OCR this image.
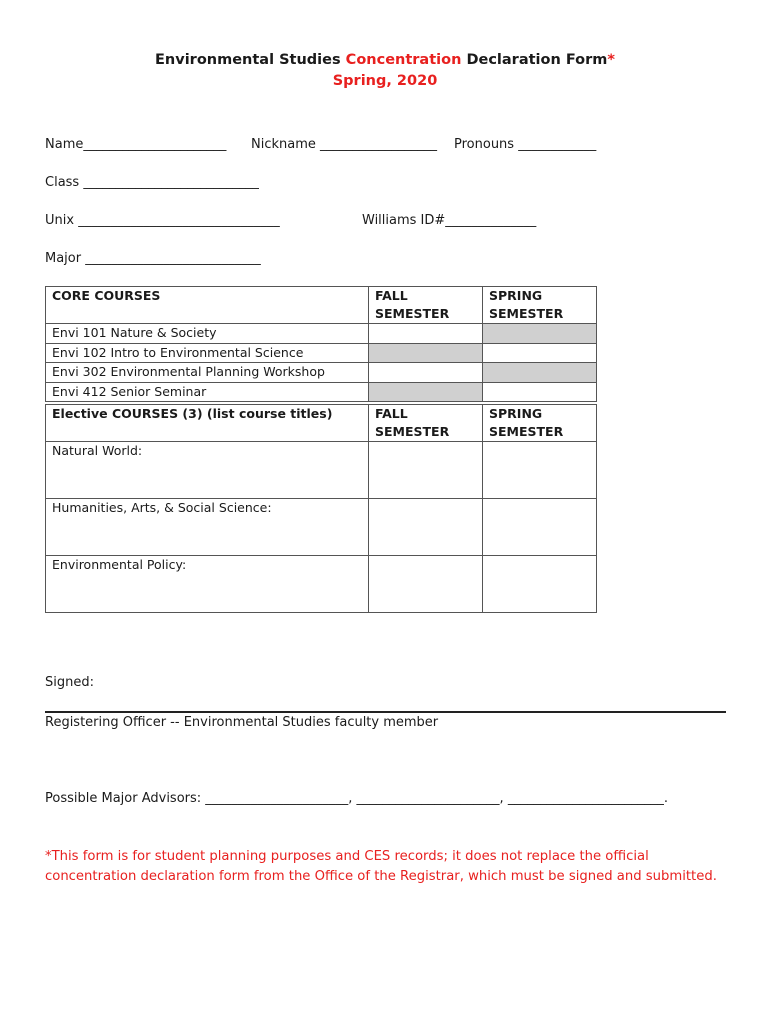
Environmental Studies Concentration Declaration Form*
Spring, 2020
Name______________________ Nickname __________________ Pronouns ____________
Class ___________________________
Unix _______________________________	Williams ID#______________
Major ___________________________
CORE COURSES	FALL SEMESTER	SPRING SEMESTER
Envi 101 Nature & Society		
Envi 102 Intro to Environmental Science		
Envi 302 Environmental Planning Workshop		
Envi 412 Senior Seminar		
Elective COURSES (3) (list course titles)	FALL SEMESTER	SPRING SEMESTER
Natural World:		
Humanities, Arts, & Social Science:		
Environmental Policy:		
Signed:
Registering Officer -- Environmental Studies faculty member
Possible Major Advisors: ______________________, ______________________, ________________________.
*This form is for student planning purposes and CES records; it does not replace the official concentration declaration form from the Office of the Registrar, which must be signed and submitted.
